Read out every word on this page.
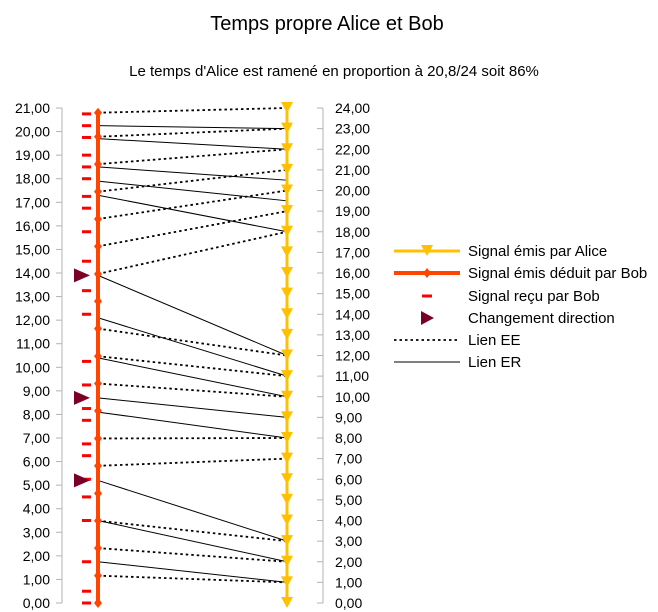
Temps propre Alice et Bob
Le temps d'Alice est ramené en proportion à 20,8/24 soit 86%
0,00
1,00
2,00
3,00
4,00
5,00
6,00
7,00
8,00
9,00
10,00
11,00
12,00
13,00
14,00
15,00
16,00
17,00
18,00
19,00
20,00
21,00
0,00
1,00
2,00
3,00
4,00
5,00
6,00
7,00
8,00
9,00
10,00
11,00
12,00
13,00
14,00
15,00
16,00
17,00
18,00
19,00
20,00
21,00
22,00
23,00
24,00
Signal émis par Alice
Signal émis déduit par Bob
Signal reçu par Bob
Changement direction
Lien EE
Lien ER
